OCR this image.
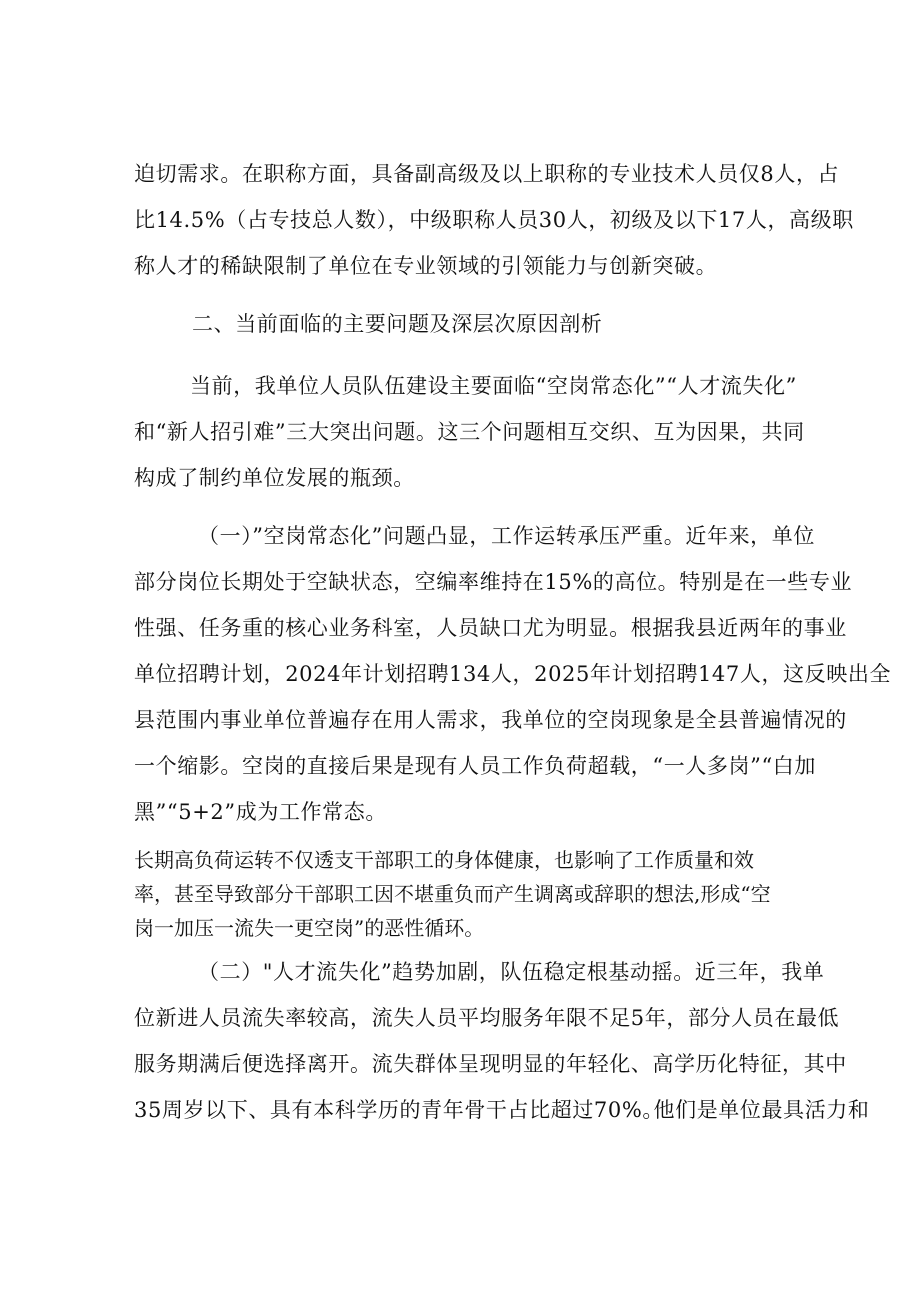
迫切需求。在职称方面，具备副高级及以上职称的专业技术人员仅8人，占
比14.5%（占专技总人数），中级职称人员30人，初级及以下17人，高级职
称人才的稀缺限制了单位在专业领域的引领能力与创新突破。
二、当前面临的主要问题及深层次原因剖析
当前，我单位人员队伍建设主要面临“空岗常态化”“人才流失化”
和“新人招引难”三大突出问题。这三个问题相互交织、互为因果，共同
构成了制约单位发展的瓶颈。
（一）”空岗常态化”问题凸显，工作运转承压严重。近年来，单位
部分岗位长期处于空缺状态，空编率维持在15%的高位。特别是在一些专业
性强、任务重的核心业务科室，人员缺口尤为明显。根据我县近两年的事业
单位招聘计划，2024年计划招聘134人，2025年计划招聘147人，这反映出全
县范围内事业单位普遍存在用人需求，我单位的空岗现象是全县普遍情况的
一个缩影。空岗的直接后果是现有人员工作负荷超载，“一人多岗”“白加
黑”“5+2”成为工作常态。
长期高负荷运转不仅透支干部职工的身体健康，也影响了工作质量和效
率，甚至导致部分干部职工因不堪重负而产生调离或辞职的想法,形成“空
岗一加压一流失一更空岗”的恶性循环。
（二）"人才流失化”趋势加剧，队伍稳定根基动摇。近三年，我单
位新进人员流失率较高，流失人员平均服务年限不足5年，部分人员在最低
服务期满后便选择离开。流失群体呈现明显的年轻化、高学历化特征，其中
35周岁以下、具有本科学历的青年骨干占比超过70%｡他们是单位最具活力和
